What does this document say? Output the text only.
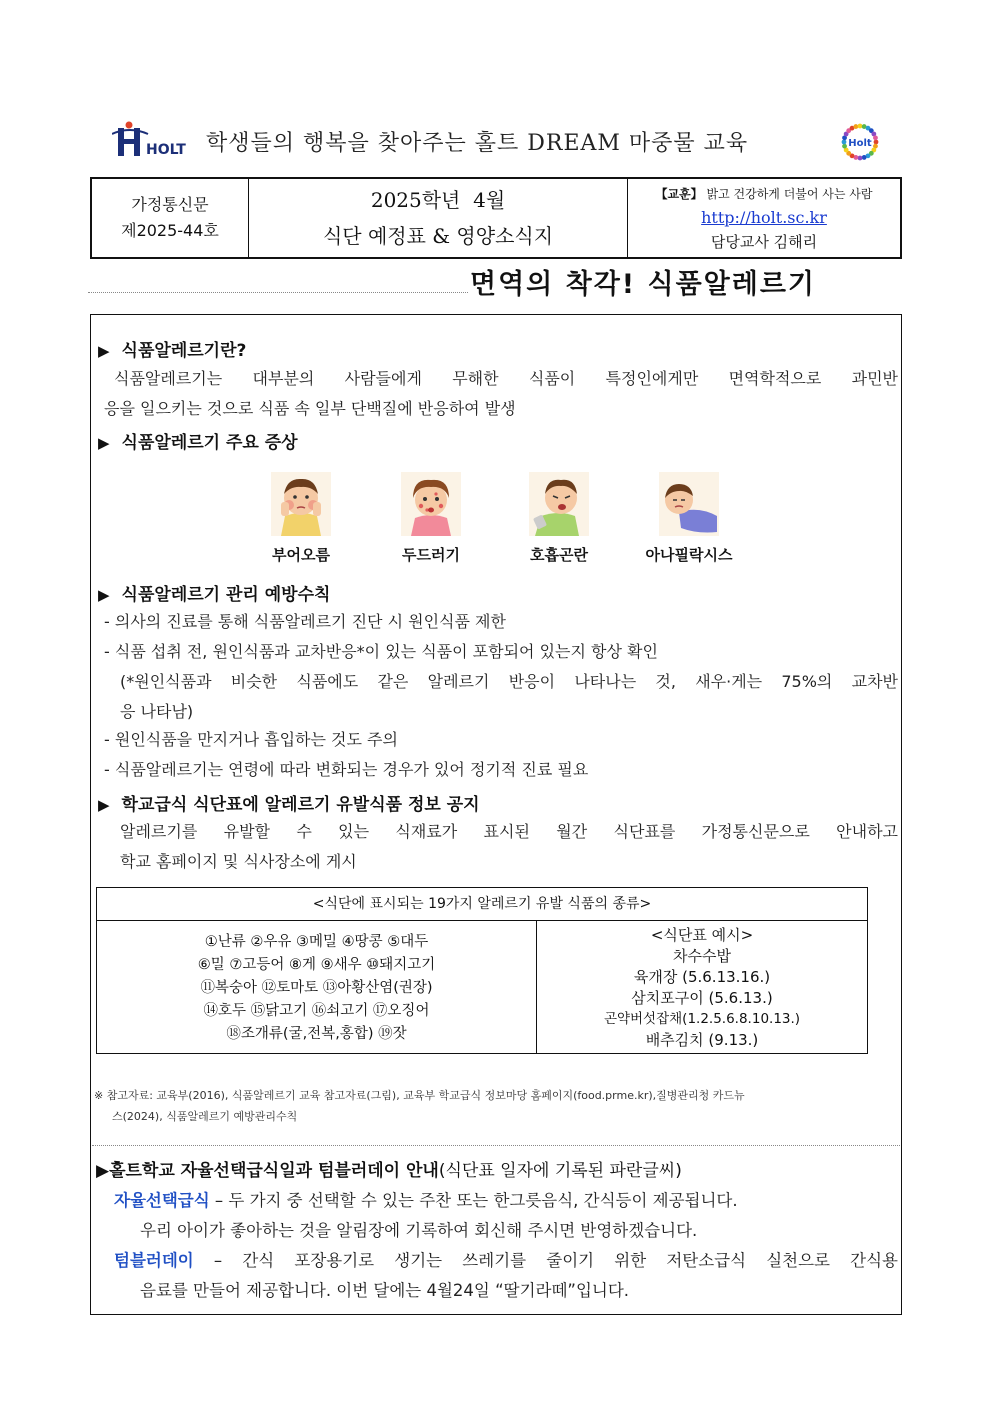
HOLT 학생들의 행복을 찾아주는 홀트 DREAM 마중물 교육	Holt
가정통신문
제2025-44호
2025학년  4월
식단 예정표 & 영양소식지
【교훈】 밝고 건강하게 더불어 사는 사람
http://holt.sc.kr
담당교사 김해리
면역의 착각! 식품알레르기
▶ 식품알레르기란?
식품알레르기는 대부분의 사람들에게 무해한 식품이 특정인에게만 면역학적으로 과민반
응을 일으키는 것으로 식품 속 일부 단백질에 반응하여 발생
▶ 식품알레르기 주요 증상
부어오름	두드러기	호흡곤란	아나필락시스
▶ 식품알레르기 관리 예방수칙
- 의사의 진료를 통해 식품알레르기 진단 시 원인식품 제한
- 식품 섭취 전, 원인식품과 교차반응*이 있는 식품이 포함되어 있는지 항상 확인
(*원인식품과 비슷한 식품에도 같은 알레르기 반응이 나타나는 것, 새우·게는 75%의 교차반
응 나타남)
- 원인식품을 만지거나 흡입하는 것도 주의
- 식품알레르기는 연령에 따라 변화되는 경우가 있어 정기적 진료 필요
▶ 학교급식 식단표에 알레르기 유발식품 정보 공지
알레르기를 유발할 수 있는 식재료가 표시된 월간 식단표를 가정통신문으로 안내하고
학교 홈페이지 및 식사장소에 게시
<식단에 표시되는 19가지 알레르기 유발 식품의 종류>
①난류 ②우유 ③메밀 ④땅콩 ⑤대두
⑥밀 ⑦고등어 ⑧게 ⑨새우 ⑩돼지고기
⑪복숭아 ⑫토마토 ⑬아황산염(권장)
⑭호두 ⑮닭고기 ⑯쇠고기 ⑰오징어
⑱조개류(굴,전복,홍합) ⑲잣
<식단표 예시>
차수수밥
육개장 (5.6.13.16.)
삼치포구이 (5.6.13.)
곤약버섯잡채(1.2.5.6.8.10.13.)
배추김치 (9.13.)
※ 참고자료: 교육부(2016), 식품알레르기 교육 참고자료(그림), 교육부 학교급식 정보마당 홈페이지(food.prme.kr),질병관리청 카드뉴
스(2024), 식품알레르기 예방관리수칙
▶홀트학교 자율선택급식일과 텀블러데이 안내(식단표 일자에 기록된 파란글씨)
자율선택급식 – 두 가지 중 선택할 수 있는 주찬 또는 한그릇음식, 간식등이 제공됩니다.
우리 아이가 좋아하는 것을 알림장에 기록하여 회신해 주시면 반영하겠습니다.
텀블러데이 – 간식 포장용기로 생기는 쓰레기를 줄이기 위한 저탄소급식 실천으로 간식용
음료를 만들어 제공합니다. 이번 달에는 4월24일 “딸기라떼”입니다.
